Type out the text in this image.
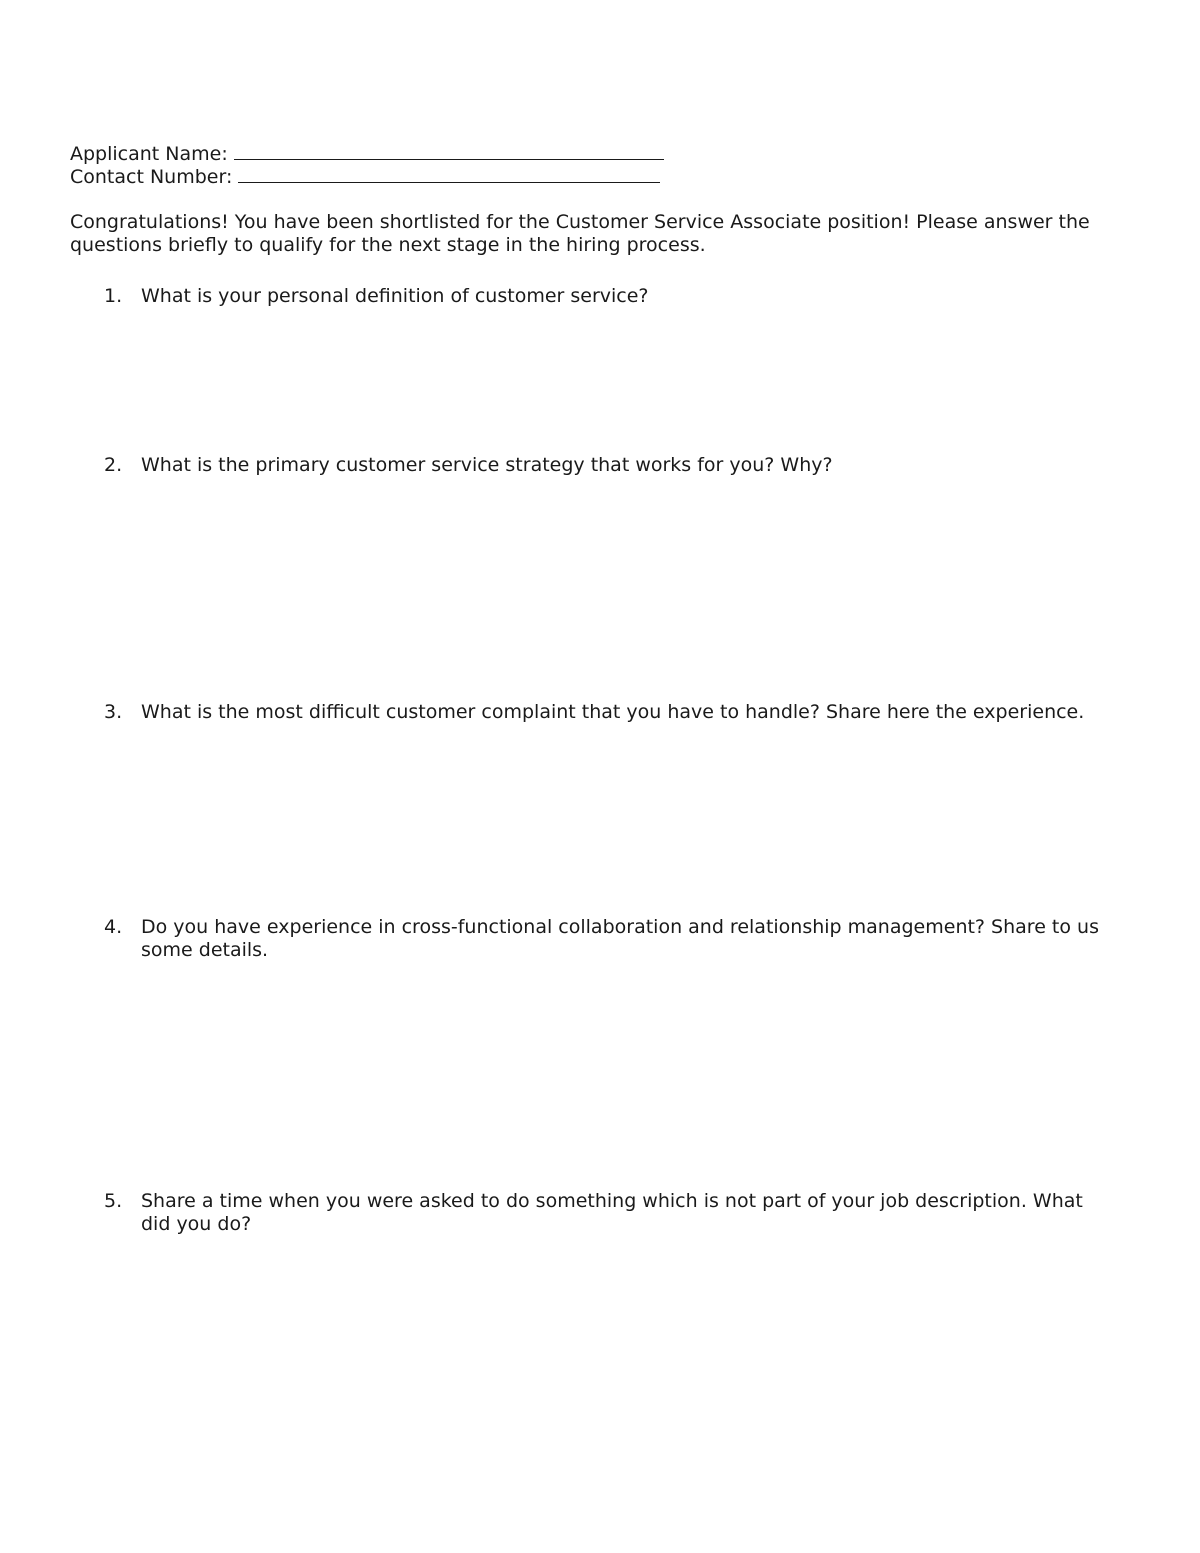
Applicant Name:
Contact Number:
Congratulations! You have been shortlisted for the Customer Service Associate position! Please answer the questions briefly to qualify for the next stage in the hiring process.
1. What is your personal definition of customer service?
2. What is the primary customer service strategy that works for you? Why?
3. What is the most difficult customer complaint that you have to handle? Share here the experience.
4. Do you have experience in cross-functional collaboration and relationship management? Share to us some details.
5. Share a time when you were asked to do something which is not part of your job description. What did you do?
